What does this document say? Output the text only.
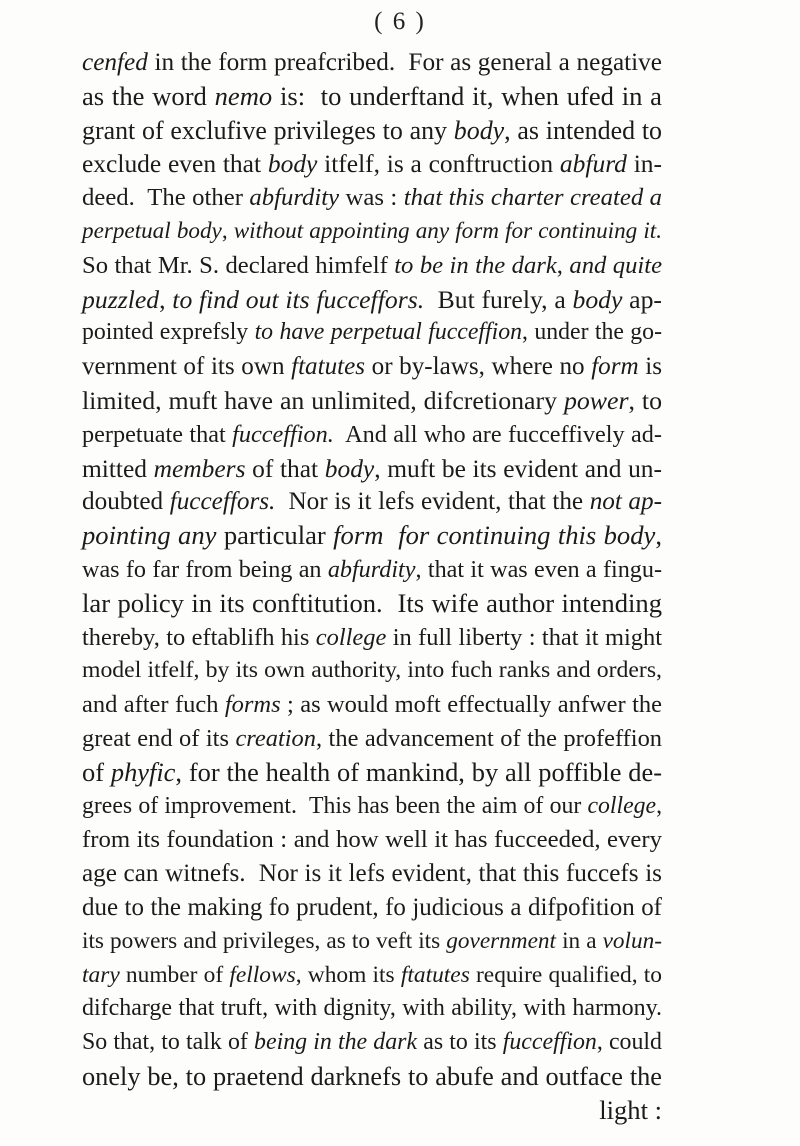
( 6 )
cenfed in the form preafcribed.  For as general a negative
as the word nemo is:  to underftand it, when ufed in a
grant of exclufive privileges to any body, as intended to
exclude even that body itfelf, is a conftruction abfurd in-
deed.  The other abfurdity was : that this charter created a
perpetual body, without appointing any form for continuing it.
So that Mr. S. declared himfelf to be in the dark, and quite
puzzled, to find out its fucceffors.  But furely, a body ap-
pointed exprefsly to have perpetual fucceffion, under the go-
vernment of its own ftatutes or by-laws, where no form is
limited, muft have an unlimited, difcretionary power, to
perpetuate that fucceffion.  And all who are fucceffively ad-
mitted members of that body, muft be its evident and un-
doubted fucceffors.  Nor is it lefs evident, that the not ap-
pointing any particular form for continuing this body,
was fo far from being an abfurdity, that it was even a fingu-
lar policy in its conftitution.  Its wife author intending
thereby, to eftablifh his college in full liberty : that it might
model itfelf, by its own authority, into fuch ranks and orders,
and after fuch forms ; as would moft effectually anfwer the
great end of its creation, the advancement of the profeffion
of phyfic, for the health of mankind, by all poffible de-
grees of improvement.  This has been the aim of our college,
from its foundation : and how well it has fucceeded, every
age can witnefs.  Nor is it lefs evident, that this fuccefs is
due to the making fo prudent, fo judicious a difpofition of
its powers and privileges, as to veft its government in a volun-
tary number of fellows, whom its ftatutes require qualified, to
difcharge that truft, with dignity, with ability, with harmony.
So that, to talk of being in the dark as to its fucceffion, could
onely be, to praetend darknefs to abufe and outface the
light :
